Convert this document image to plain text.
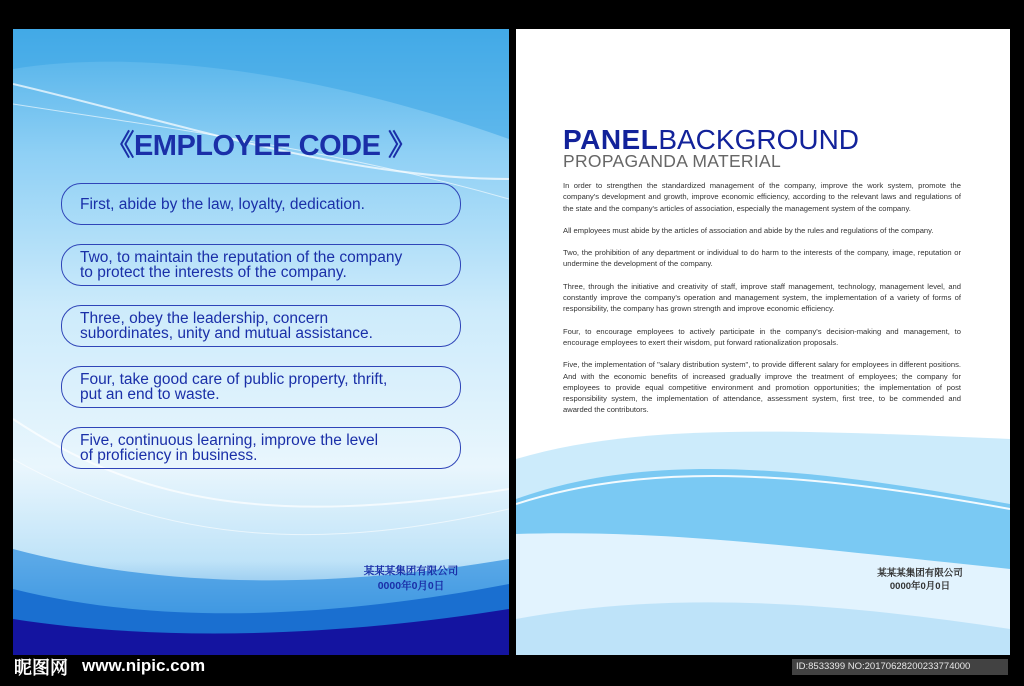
《EMPLOYEE CODE 》
First, abide by the law, loyalty, dedication.
Two, to maintain the reputation of the company
to protect the interests of the company.
Three, obey the leadership, concern
subordinates, unity and mutual assistance.
Four, take good care of public property, thrift,
put an end to waste.
Five, continuous learning, improve the level
of proficiency in business.
某某某集团有限公司
0000年0月0日
PANELBACKGROUND
PROPAGANDA MATERIAL

In order to strengthen the standardized management of the company, improve the work system, promote the company's development and growth, improve economic efficiency, according to the relevant laws and regulations of the state and the company's articles of association, especially the management system of the company.

All employees must abide by the articles of association and abide by the rules and regulations of the company.

Two, the prohibition of any department or individual to do harm to the interests of the company, image, reputation or undermine the development of the company.

Three, through the initiative and creativity of staff, improve staff management, technology, management level, and constantly improve the company's operation and management system, the implementation of a variety of forms of responsibility, the company has grown strength and improve economic efficiency.

Four, to encourage employees to actively participate in the company's decision-making and management, to encourage employees to exert their wisdom, put forward rationalization proposals.

Five, the implementation of "salary distribution system", to provide different salary for employees in different positions. And with the economic benefits of increased gradually improve the treatment of employees; the company for employees to provide equal competitive environment and promotion opportunities; the implementation of post responsibility system, the implementation of attendance, assessment system, first tree, to be commended and awarded the contributors.

某某某集团有限公司
0000年0月0日
昵图网 www.nipic.com	ID:8533399 NO:20170628200233774000
